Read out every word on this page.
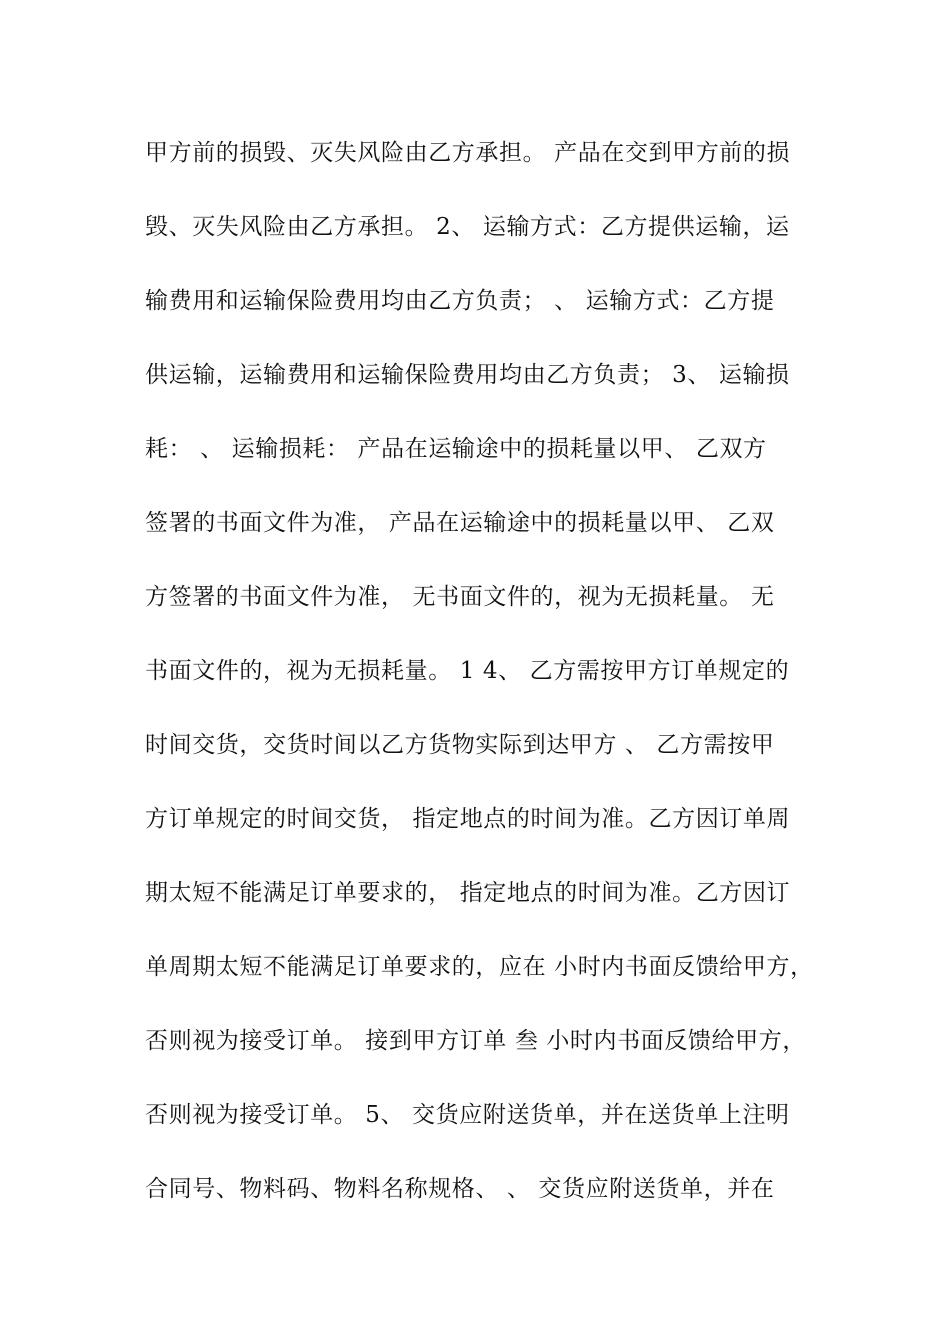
甲方前的损毁、灭失风险由乙方承担。 产品在交到甲方前的损
毁、灭失风险由乙方承担。 2、 运输方式：乙方提供运输，运
输费用和运输保险费用均由乙方负责； 、 运输方式：乙方提
供运输，运输费用和运输保险费用均由乙方负责； 3、 运输损
耗： 、 运输损耗： 产品在运输途中的损耗量以甲、 乙双方
签署的书面文件为准， 产品在运输途中的损耗量以甲、 乙双
方签署的书面文件为准， 无书面文件的，视为无损耗量。 无
书面文件的，视为无损耗量。 1 4、 乙方需按甲方订单规定的
时间交货，交货时间以乙方货物实际到达甲方 、 乙方需按甲
方订单规定的时间交货， 指定地点的时间为准。乙方因订单周
期太短不能满足订单要求的， 指定地点的时间为准。乙方因订
单周期太短不能满足订单要求的，应在 小时内书面反馈给甲方，
否则视为接受订单。 接到甲方订单 叁 小时内书面反馈给甲方，
否则视为接受订单。 5、 交货应附送货单，并在送货单上注明
合同号、物料码、物料名称规格、 、 交货应附送货单，并在
